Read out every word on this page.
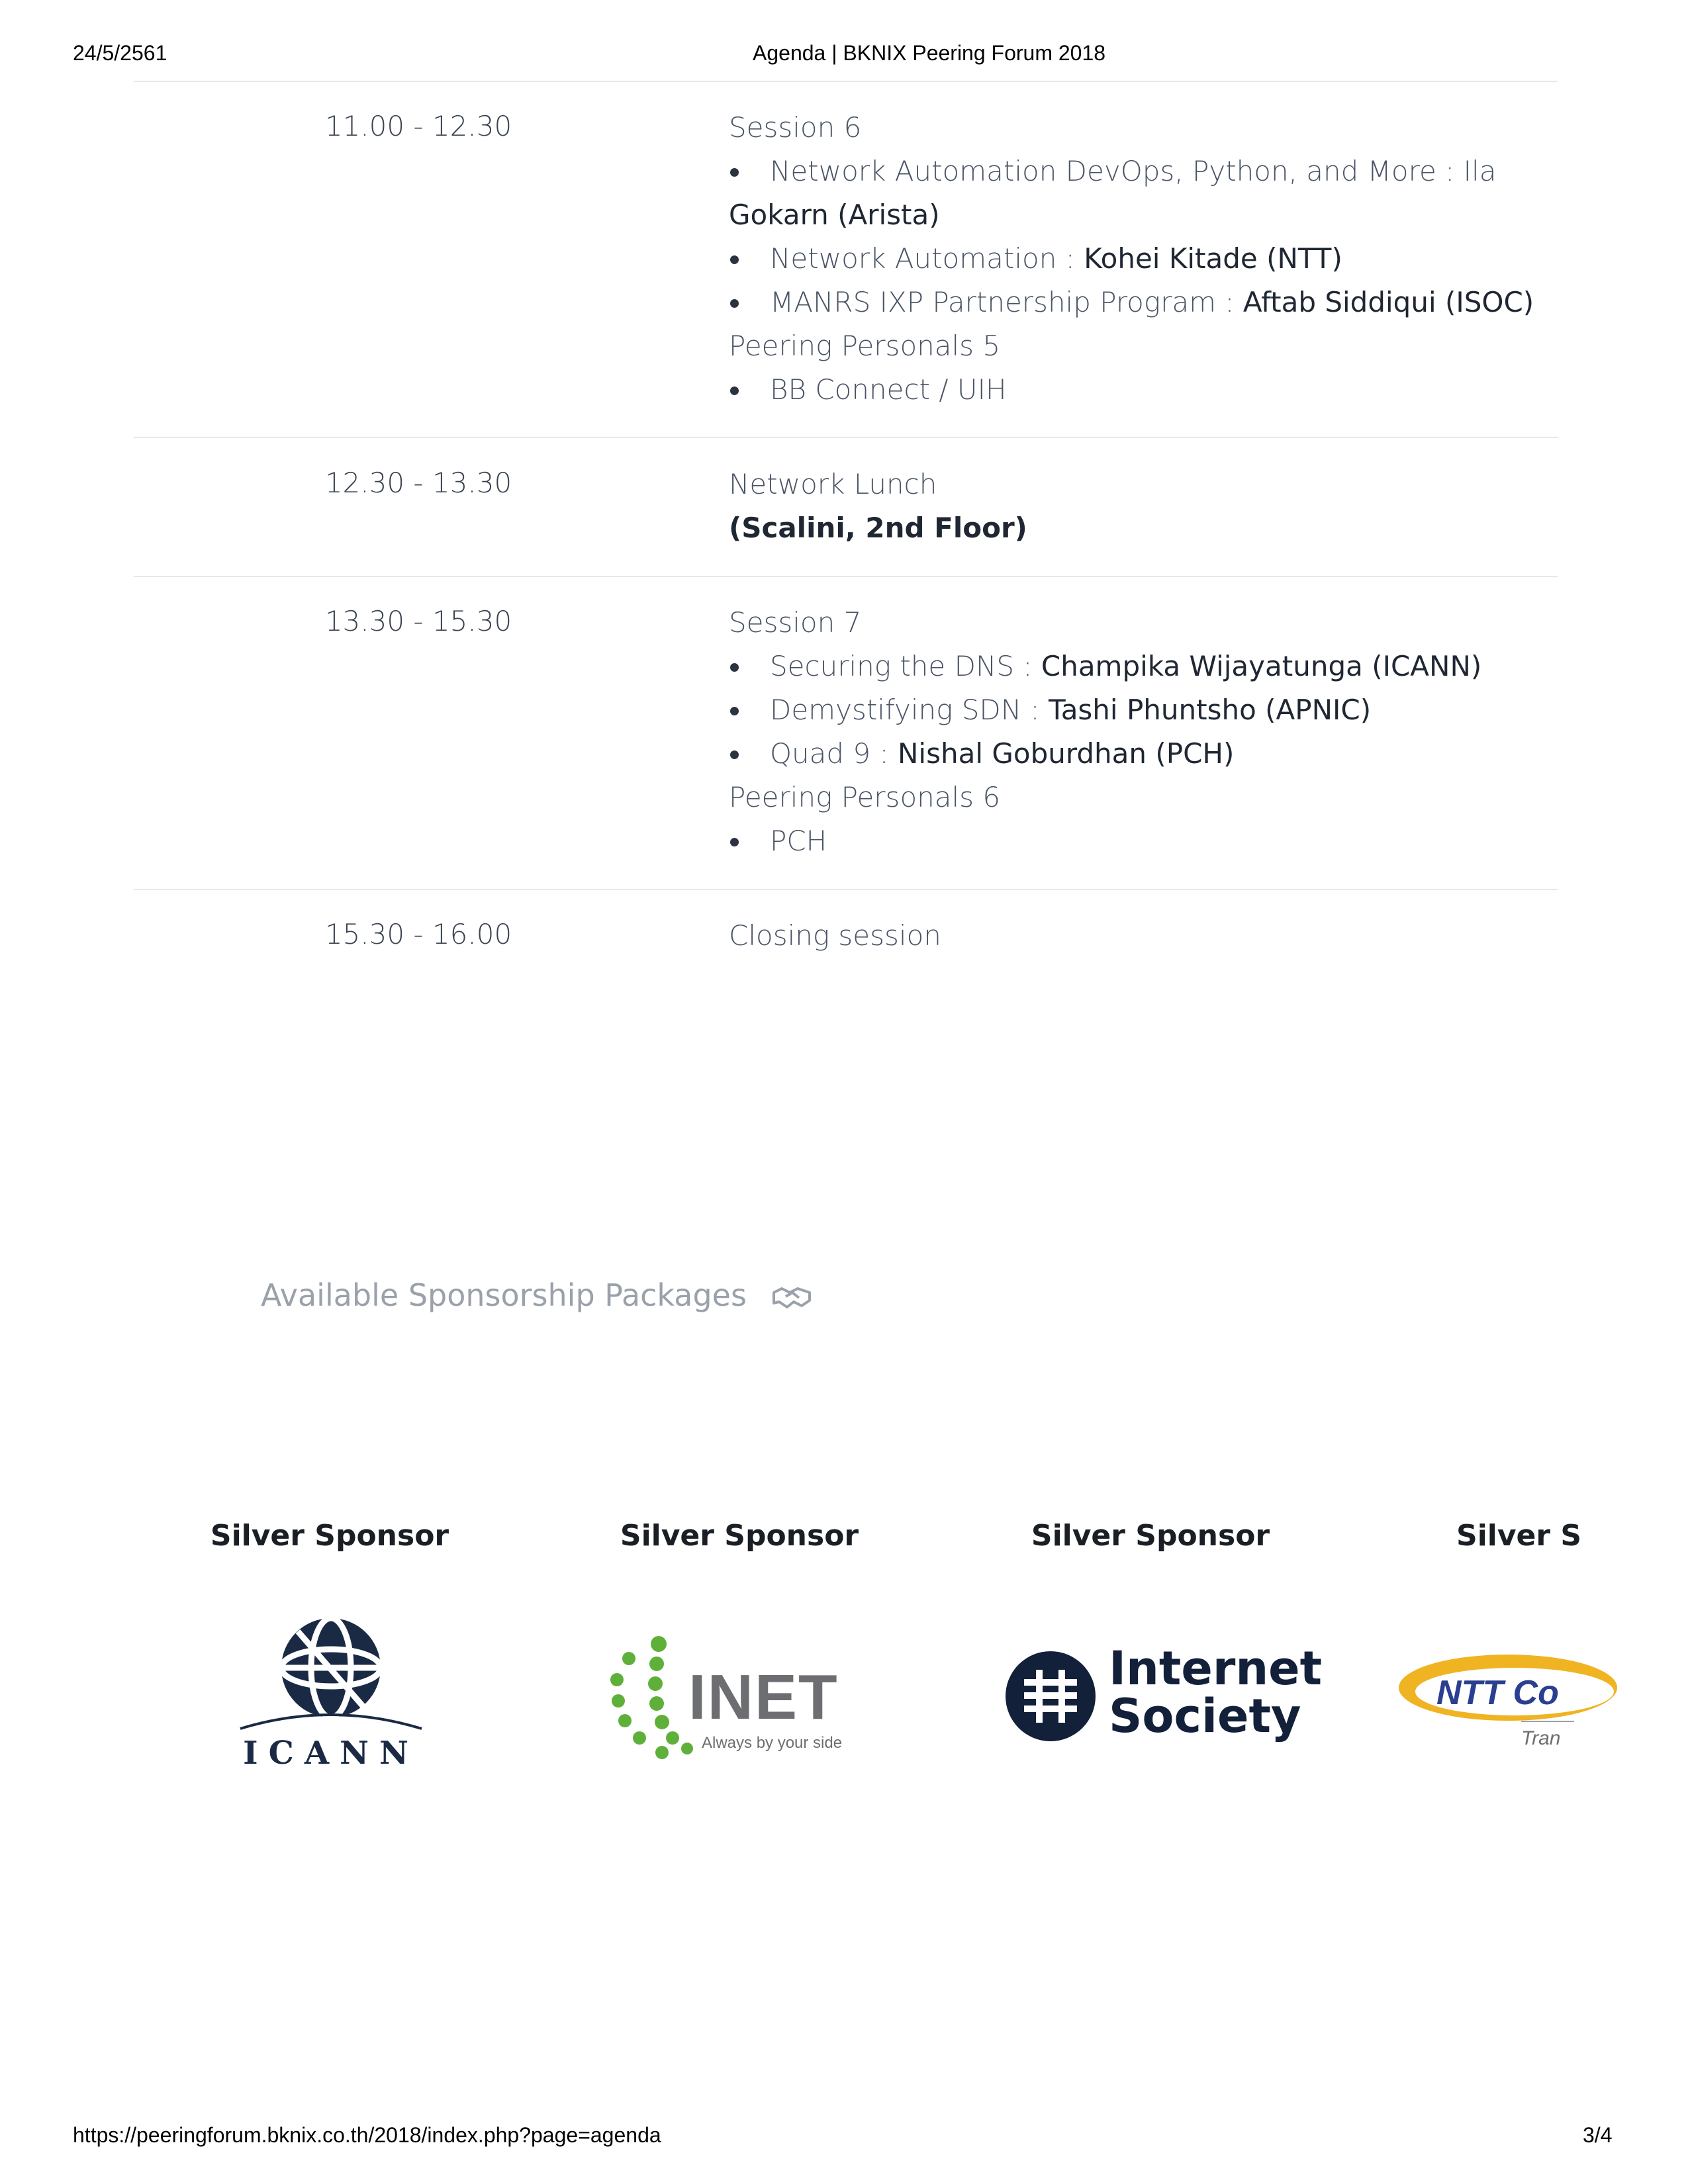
24/5/2561	Agenda | BKNIX Peering Forum 2018
11.00 - 12.30	Session 6
Network Automation DevOps, Python, and More : Ila
Gokarn (Arista)
Network Automation : Kohei Kitade (NTT)
MANRS IXP Partnership Program : Aftab Siddiqui (ISOC)
Peering Personals 5
BB Connect / UIH
12.30 - 13.30	Network Lunch
(Scalini, 2nd Floor)
13.30 - 15.30	Session 7
Securing the DNS : Champika Wijayatunga (ICANN)
Demystifying SDN : Tashi Phuntsho (APNIC)
Quad 9 : Nishal Goburdhan (PCH)
Peering Personals 6
PCH
15.30 - 16.00	Closing session
Available Sponsorship Packages
Silver Sponsor	Silver Sponsor	Silver Sponsor	Silver S
ICANN
INET
Always by your side
Internet
Society	NTT Co
Tran
https://peeringforum.bknix.co.th/2018/index.php?page=agenda	3/4
